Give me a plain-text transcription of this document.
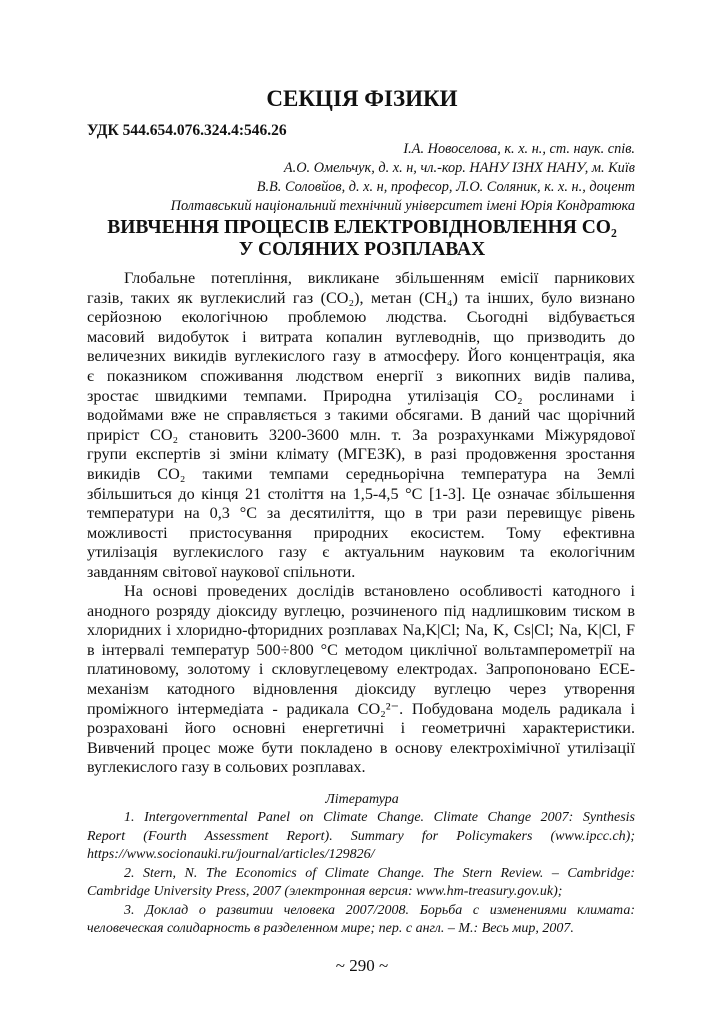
СЕКЦІЯ ФІЗИКИ
УДК 544.654.076.324.4:546.26
І.А. Новоселова, к. х. н., ст. наук. спів.
А.О. Омельчук, д. х. н, чл.-кор. НАНУ ІЗНХ НАНУ, м. Київ
В.В. Соловйов, д. х. н, професор, Л.О. Соляник, к. х. н., доцент
Полтавський національний технічний університет імені Юрія Кондратюка
ВИВЧЕННЯ ПРОЦЕСІВ ЕЛЕКТРОВІДНОВЛЕННЯ СО₂
У СОЛЯНИХ РОЗПЛАВАХ
Глобальне потепління, викликане збільшенням емісії парникових
газів, таких як вуглекислий газ (CO₂), метан (CH₄) та інших, було визнано
серйозною екологічною проблемою людства. Сьогодні відбувається
масовий видобуток і витрата копалин вуглеводнів, що призводить до
величезних викидів вуглекислого газу в атмосферу. Його концентрація, яка
є показником споживання людством енергії з викопних видів палива,
зростає швидкими темпами. Природна утилізація CO₂ рослинами і
водоймами вже не справляється з такими обсягами. В даний час щорічний
приріст CO₂ становить 3200-3600 млн. т. За розрахунками Міжурядової
групи експертів зі зміни клімату (МГЕЗК), в разі продовження зростання
викидів CO₂ такими темпами середньорічна температура на Землі
збільшиться до кінця 21 століття на 1,5-4,5 °С [1-3]. Це означає збільшення
температури на 0,3 °С за десятиліття, що в три рази перевищує рівень
можливості пристосування природних екосистем. Тому ефективна
утилізація вуглекислого газу є актуальним науковим та екологічним
завданням світової наукової спільноти.
На основі проведених дослідів встановлено особливості катодного і
анодного розряду діоксиду вуглецю, розчиненого під надлишковим тиском в
хлоридних і хлоридно-фторидних розплавах Na,K|Cl; Na, K, Cs|Cl; Na, K|Cl, F
в інтервалі температур 500÷800 °С методом циклічної вольтамперометрії на
платиновому, золотому і скловуглецевому електродах. Запропоновано ЕСЕ-
механізм катодного відновлення діоксиду вуглецю через утворення
проміжного інтермедіата - радикала CO₂²⁻. Побудована модель радикала і
розраховані його основні енергетичні і геометричні характеристики.
Вивчений процес може бути покладено в основу електрохімічної утилізації
вуглекислого газу в сольових розплавах.
Література
1. Intergovernmental Panel on Climate Change. Climate Change 2007: Synthesis
Report (Fourth Assessment Report). Summary for Policymakers (www.ipcc.ch);
https://www.socionauki.ru/journal/articles/129826/
2. Stern, N. The Economics of Climate Change. The Stern Review. – Cambridge:
Cambridge University Press, 2007 (электронная версия: www.hm-treasury.gov.uk);
3. Доклад о развитии человека 2007/2008. Борьба с изменениями климата:
человеческая солидарность в разделенном мире; пер. с англ. – М.: Весь мир, 2007.
~ 290 ~
